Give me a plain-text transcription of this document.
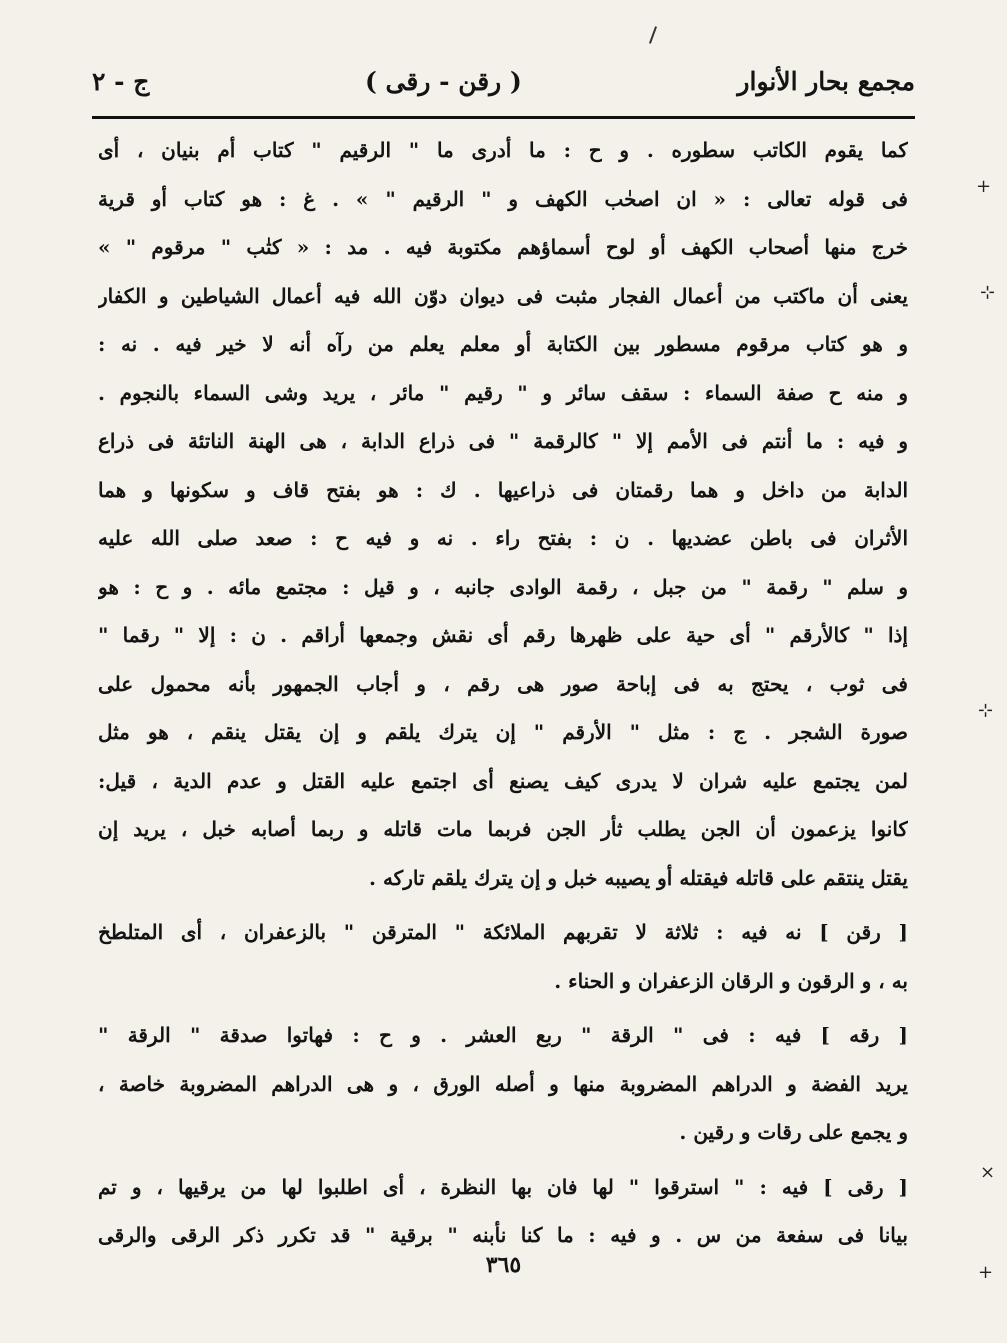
مجمع بحار الأنوار
( رقن - رقى )
ج - ٢
كما يقوم الكاتب سطوره . و ح : ما أدرى ما " الرقيم " كتاب أم بنيان ، أى
فى قوله تعالى : « ان اصحٰب الكهف و " الرقيم " » . غ : هو كتاب أو قرية
خرج منها أصحاب الكهف أو لوح أسماؤهم مكتوبة فيه . مد : « كتٰب " مرقوم " »
يعنى أن ماكتب من أعمال الفجار مثبت فى ديوان دوّن الله فيه أعمال الشياطين و الكفار
و هو كتاب مرقوم مسطور بين الكتابة أو معلم يعلم من رآه أنه لا خير فيه . نه :
و منه ح صفة السماء : سقف سائر و " رقيم " مائر ، يريد وشى السماء بالنجوم .
و فيه : ما أنتم فى الأمم إلا " كالرقمة " فى ذراع الدابة ، هى الهنة الناتئة فى ذراع
الدابة من داخل و هما رقمتان فى ذراعيها . ك : هو بفتح قاف و سكونها و هما
الأثران فى باطن عضديها . ن : بفتح راء . نه و فيه ح : صعد صلى الله عليه
و سلم " رقمة " من جبل ، رقمة الوادى جانبه ، و قيل : مجتمع مائه . و ح : هو
إذا " كالأرقم " أى حية على ظهرها رقم أى نقش وجمعها أراقم . ن : إلا " رقما "
فى ثوب ، يحتج به فى إباحة صور هى رقم ، و أجاب الجمهور بأنه محمول على
صورة الشجر . ج : مثل " الأرقم " إن يترك يلقم و إن يقتل ينقم ، هو مثل
لمن يجتمع عليه شران لا يدرى كيف يصنع أى اجتمع عليه القتل و عدم الدية ، قيل:
كانوا يزعمون أن الجن يطلب ثأر الجن فربما مات قاتله و ربما أصابه خبل ، يريد إن
يقتل ينتقم على قاتله فيقتله أو يصيبه خبل و إن يترك يلقم تاركه .
[ رقن ] نه فيه : ثلاثة لا تقربهم الملائكة " المترقن " بالزعفران ، أى المتلطخ
به ، و الرقون و الرقان الزعفران و الحناء .
[ رقه ] فيه : فى " الرقة " ربع العشر . و ح : فهاتوا صدقة " الرقة "
يريد الفضة و الدراهم المضروبة منها و أصله الورق ، و هى الدراهم المضروبة خاصة ،
و يجمع على رقات و رقين .
[ رقى ] فيه : " استرقوا " لها فان بها النظرة ، أى اطلبوا لها من يرقيها ، و تم
بيانا فى سفعة من س . و فيه : ما كنا نأبنه " برقية " قد تكرر ذكر الرقى والرقى
٣٦٥
+
⊹
⊹
×
+
